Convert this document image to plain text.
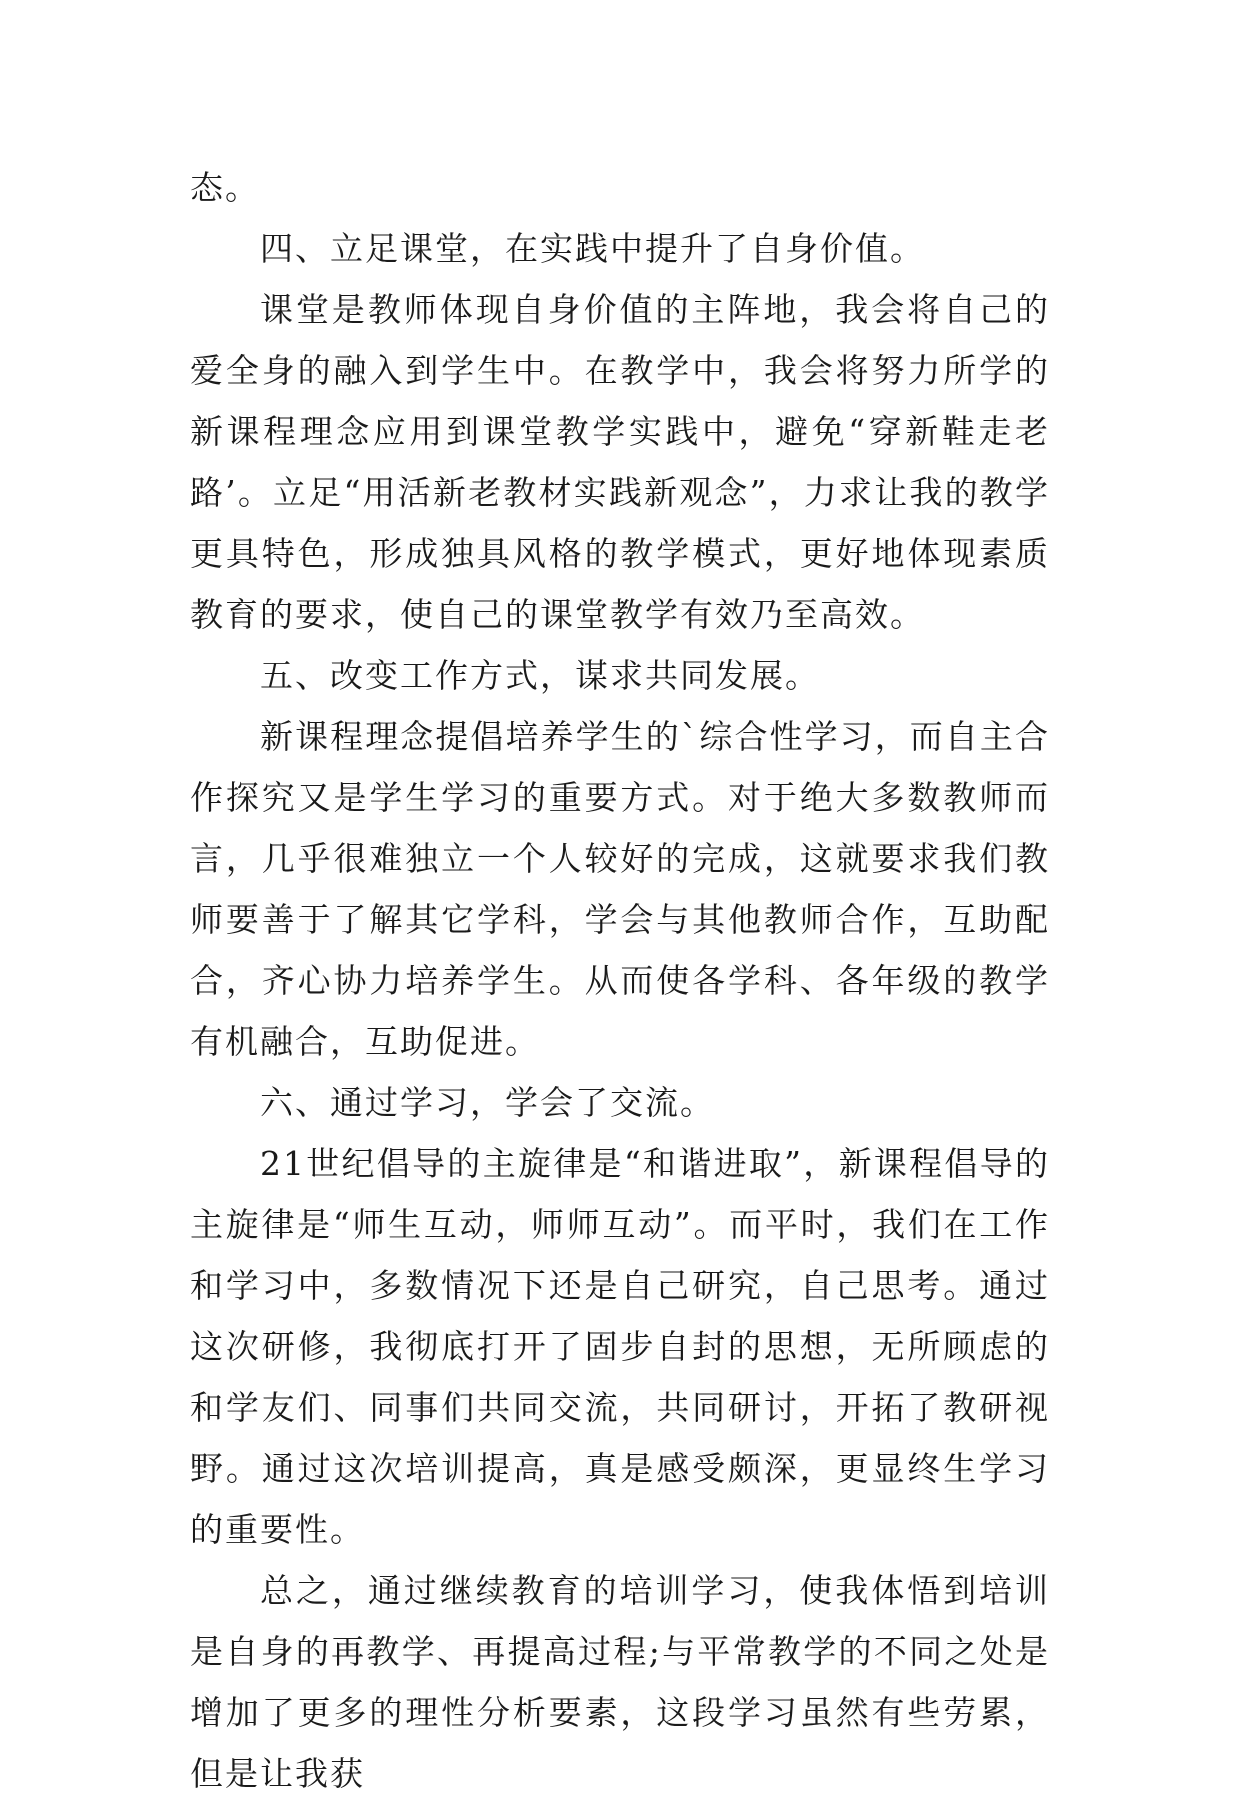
态。

四、立足课堂，在实践中提升了自身价值。

课堂是教师体现自身价值的主阵地，我会将自己的爱全身的融入到学生中。在教学中，我会将努力所学的新课程理念应用到课堂教学实践中，避免“穿新鞋走老路’。立足“用活新老教材实践新观念”，力求让我的教学更具特色，形成独具风格的教学模式，更好地体现素质教育的要求，使自己的课堂教学有效乃至高效。

五、改变工作方式，谋求共同发展。

新课程理念提倡培养学生的`综合性学习，而自主合作探究又是学生学习的重要方式。对于绝大多数教师而言，几乎很难独立一个人较好的完成，这就要求我们教师要善于了解其它学科，学会与其他教师合作，互助配合，齐心协力培养学生。从而使各学科、各年级的教学有机融合，互助促进。

六、通过学习，学会了交流。

21世纪倡导的主旋律是“和谐进取”，新课程倡导的主旋律是“师生互动，师师互动”。而平时，我们在工作和学习中，多数情况下还是自己研究，自己思考。通过这次研修，我彻底打开了固步自封的思想，无所顾虑的和学友们、同事们共同交流，共同研讨，开拓了教研视野。通过这次培训提高，真是感受颇深，更显终生学习的重要性。

总之，通过继续教育的培训学习，使我体悟到培训是自身的再教学、再提高过程;与平常教学的不同之处是增加了更多的理性分析要素，这段学习虽然有些劳累，但是让我获
